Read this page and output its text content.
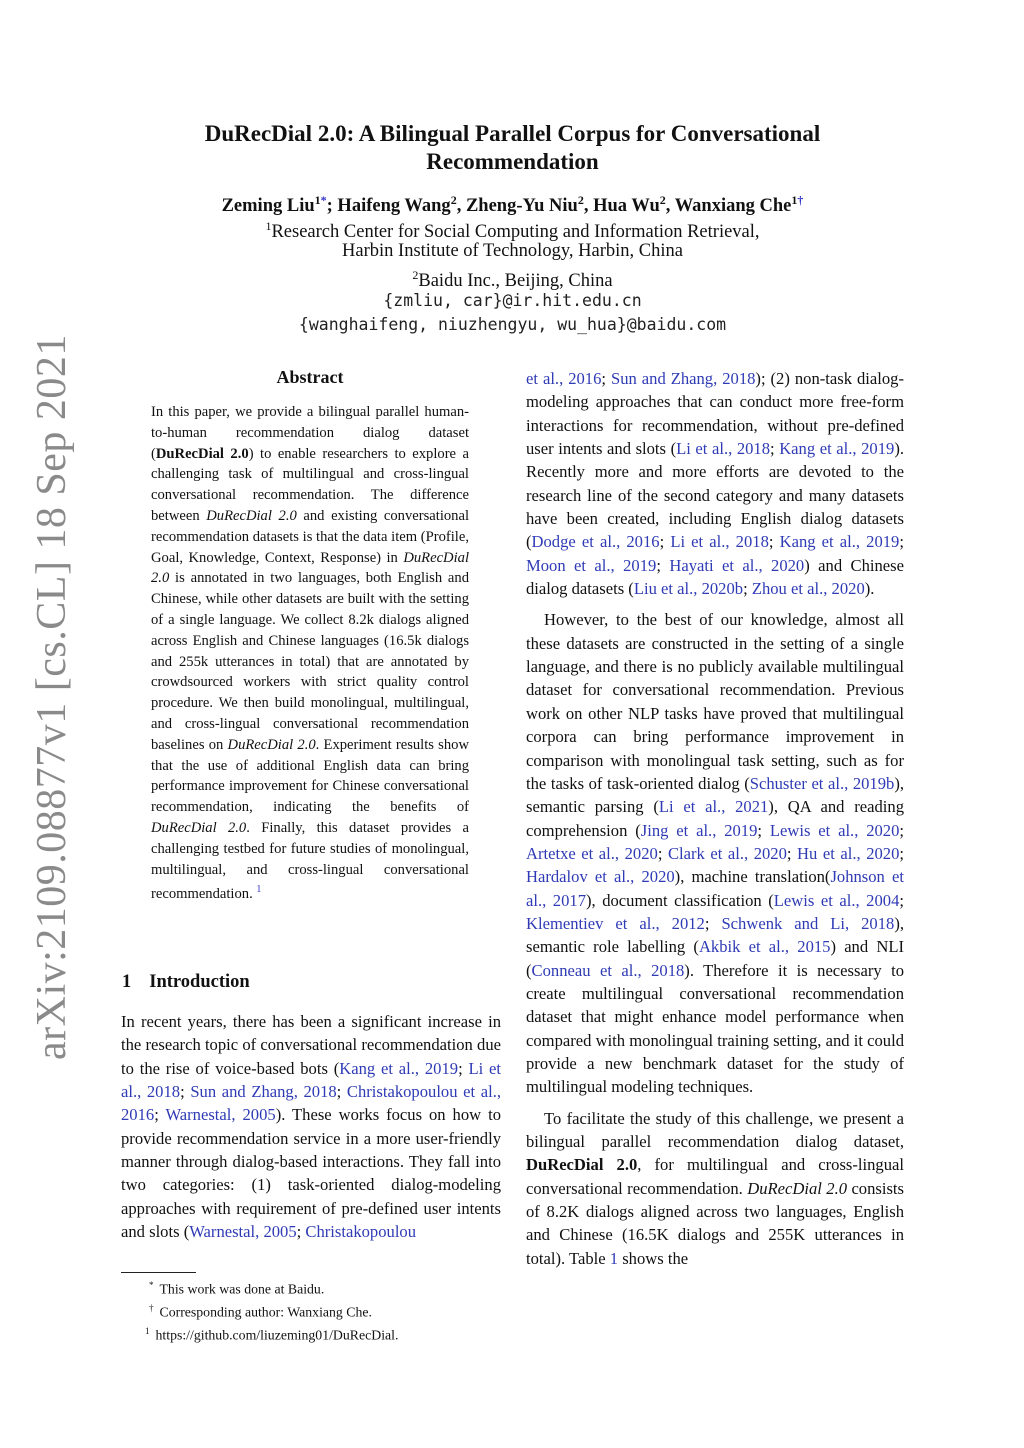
arXiv:2109.08877v1 [cs.CL] 18 Sep 2021
DuRecDial 2.0: A Bilingual Parallel Corpus for Conversational
Recommendation
Zeming Liu$^{1*}$; Haifeng Wang$^2$, Zheng-Yu Niu$^2$, Hua Wu$^2$, Wanxiang Che$^{1\dagger}$
$^1$Research Center for Social Computing and Information Retrieval,
Harbin Institute of Technology, Harbin, China
$^2$Baidu Inc., Beijing, China
{zmliu, car}@ir.hit.edu.cn
{wanghaifeng, niuzhengyu, wu_hua}@baidu.com
Abstract
In this paper, we provide a bilingual parallel human-to-human recommendation dialog dataset (DuRecDial 2.0) to enable researchers to explore a challenging task of multilingual and cross-lingual conversational recommendation. The difference between DuRecDial 2.0 and existing conversational recommendation datasets is that the data item (Profile, Goal, Knowledge, Context, Response) in DuRecDial 2.0 is annotated in two languages, both English and Chinese, while other datasets are built with the setting of a single language. We collect 8.2k dialogs aligned across English and Chinese languages (16.5k dialogs and 255k utterances in total) that are annotated by crowdsourced workers with strict quality control procedure. We then build monolingual, multilingual, and cross-lingual conversational recommendation baselines on DuRecDial 2.0. Experiment results show that the use of additional English data can bring performance improvement for Chinese conversational recommendation, indicating the benefits of DuRecDial 2.0. Finally, this dataset provides a challenging testbed for future studies of monolingual, multilingual, and cross-lingual conversational recommendation. $^1$
1 Introduction

In recent years, there has been a significant increase in the research topic of conversational recommendation due to the rise of voice-based bots (Kang et al., 2019; Li et al., 2018; Sun and Zhang, 2018; Christakopoulou et al., 2016; Warnestal, 2005). These works focus on how to provide recommendation service in a more user-friendly manner through dialog-based interactions. They fall into two categories: (1) task-oriented dialog-modeling approaches with requirement of pre-defined user intents and slots (Warnestal, 2005; Christakopoulou

et al., 2016; Sun and Zhang, 2018); (2) non-task dialog-modeling approaches that can conduct more free-form interactions for recommendation, without pre-defined user intents and slots (Li et al., 2018; Kang et al., 2019). Recently more and more efforts are devoted to the research line of the second category and many datasets have been created, including English dialog datasets (Dodge et al., 2016; Li et al., 2018; Kang et al., 2019; Moon et al., 2019; Hayati et al., 2020) and Chinese dialog datasets (Liu et al., 2020b; Zhou et al., 2020).

However, to the best of our knowledge, almost all these datasets are constructed in the setting of a single language, and there is no publicly available multilingual dataset for conversational recommendation. Previous work on other NLP tasks have proved that multilingual corpora can bring performance improvement in comparison with monolingual task setting, such as for the tasks of task-oriented dialog (Schuster et al., 2019b), semantic parsing (Li et al., 2021), QA and reading comprehension (Jing et al., 2019; Lewis et al., 2020; Artetxe et al., 2020; Clark et al., 2020; Hu et al., 2020; Hardalov et al., 2020), machine translation(Johnson et al., 2017), document classification (Lewis et al., 2004; Klementiev et al., 2012; Schwenk and Li, 2018), semantic role labelling (Akbik et al., 2015) and NLI (Conneau et al., 2018). Therefore it is necessary to create multilingual conversational recommendation dataset that might enhance model performance when compared with monolingual training setting, and it could provide a new benchmark dataset for the study of multilingual modeling techniques.

To facilitate the study of this challenge, we present a bilingual parallel recommendation dialog dataset, DuRecDial 2.0, for multilingual and cross-lingual conversational recommendation. DuRecDial 2.0 consists of 8.2K dialogs aligned across two languages, English and Chinese (16.5K dialogs and 255K utterances in total). Table 1 shows the

* This work was done at Baidu.
† Corresponding author: Wanxiang Che.
$^1$ https://github.com/liuzeming01/DuRecDial.
